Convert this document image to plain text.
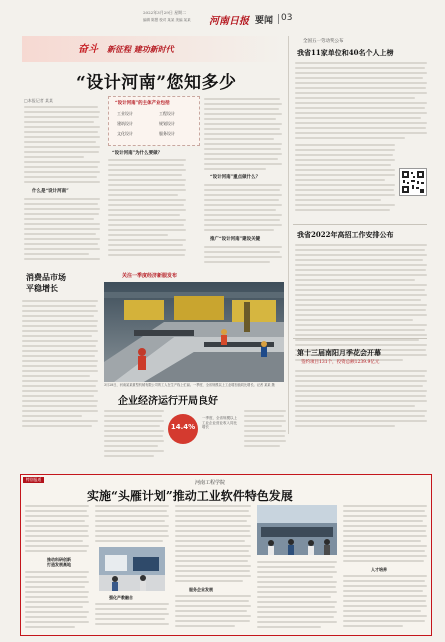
2022年3月29日 星期二
编辑 陈慧 校对 某某 美编 某某 河南日报 要闻 03
奋斗 新征程 建功新时代
□本报记者 某某
“设计河南”您知多少
什么是“设计河南”
“设计河南”的主体产业包括
工业设计	工程设计
建筑设计	规划设计
文化设计	服务设计
“设计河南”为什么要做？
“设计河南”重点做什么？
推广“设计河南”建设关键
全国五一劳动奖公布
我省11家单位和40名个人上榜
我省2022年高招工作安排公布
第十三届南阳月季花会开幕
签约项目131个，投资总额1239.9亿元
消费品市场
平稳增长
关注一季度经济新服发布
3月28日，河南某某重型机械有限公司的工人在生产线上忙碌。一季度，全省规模以上工业增加值同比增长。记者 某某 摄
企业经济运行开局良好
14.4%
一季度，全省规模以上工业企业营业收入同比增长
特别报道
河南工程学院
实施“头雁计划”推动工业软件特色发展
推动科研创新
打造发展高地
强化产教融合
服务企业发展
人才培养
